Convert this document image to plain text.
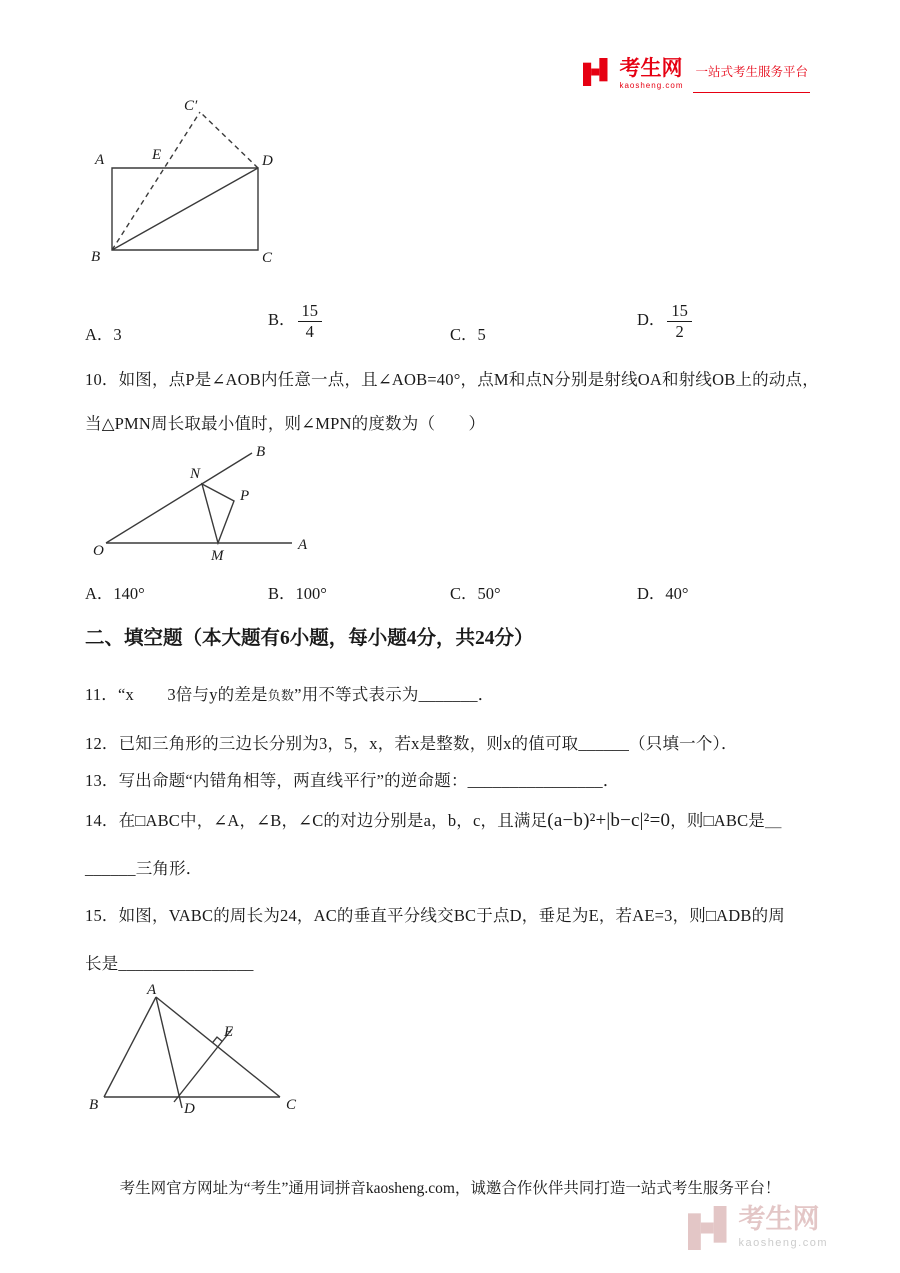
考生网
kaosheng.com
一站式考生服务平台
C′
A	E	D
B	C
A．3
B． $\frac{15}{4}$	C．5
D． $\frac{15}{2}$
10．如图，点P是∠AOB内任意一点，且∠AOB=40°，点M和点N分别是射线OA和射线OB上的动点，
当△PMN周长取最小值时，则∠MPN的度数为（　　）
B
N
P
O	M
A
A．140°	B．100°	C．50°	D．40°
二、填空题（本大题有6小题，每小题4分，共24分）
11．“x　　3倍与y的差是负数”用不等式表示为_______．
12．已知三角形的三边长分别为3，5，x，若x是整数，则x的值可取______（只填一个）．
13．写出命题“内错角相等，两直线平行”的逆命题：________________．
14．在□ABC中，∠A，∠B，∠C的对边分别是a，b，c，且满足(a−b)²+|b−c|²=0，则□ABC是＿
______三角形．
15．如图，VABC的周长为24，AC的垂直平分线交BC于点D，垂足为E，若AE=3，则□ADB的周
长是________________
A
E
B	D	C
考生网官方网址为“考生”通用词拼音kaosheng.com，诚邀合作伙伴共同打造一站式考生服务平台！
考生网
kaosheng.com
